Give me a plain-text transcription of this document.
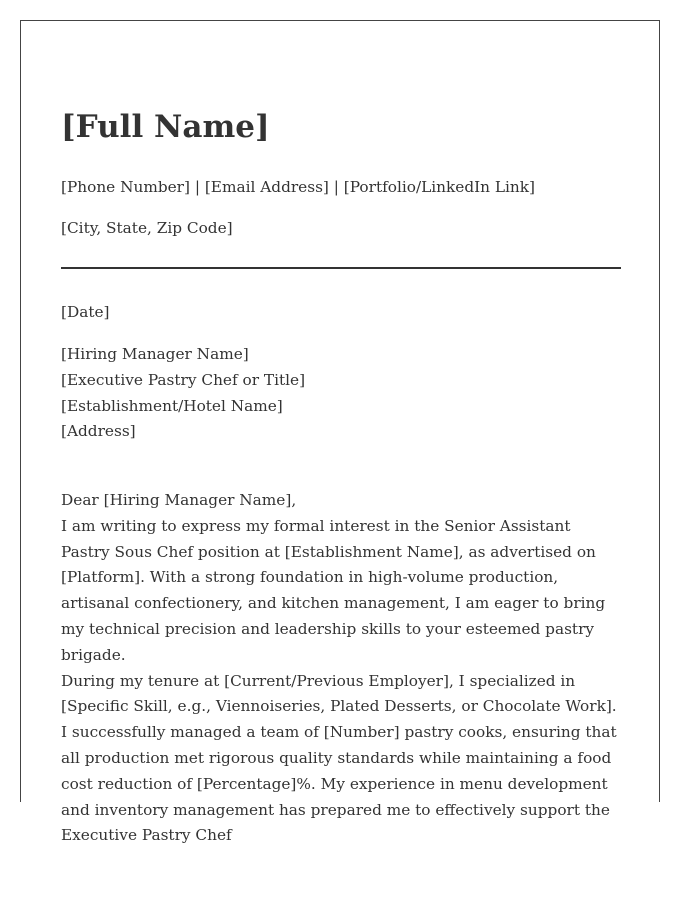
[Full Name]
[Phone Number] | [Email Address] | [Portfolio/LinkedIn Link]
[City, State, Zip Code]
[Date]
[Hiring Manager Name]
[Executive Pastry Chef or Title]
[Establishment/Hotel Name]
[Address]

Dear [Hiring Manager Name],

I am writing to express my formal interest in the Senior Assistant Pastry Sous Chef position at [Establishment Name], as advertised on [Platform]. With a strong foundation in high-volume production, artisanal confectionery, and kitchen management, I am eager to bring my technical precision and leadership skills to your esteemed pastry brigade.

During my tenure at [Current/Previous Employer], I specialized in [Specific Skill, e.g., Viennoiseries, Plated Desserts, or Chocolate Work]. I successfully managed a team of [Number] pastry cooks, ensuring that all production met rigorous quality standards while maintaining a food cost reduction of [Percentage]%. My experience in menu development and inventory management has prepared me to effectively support the Executive Pastry Chef
